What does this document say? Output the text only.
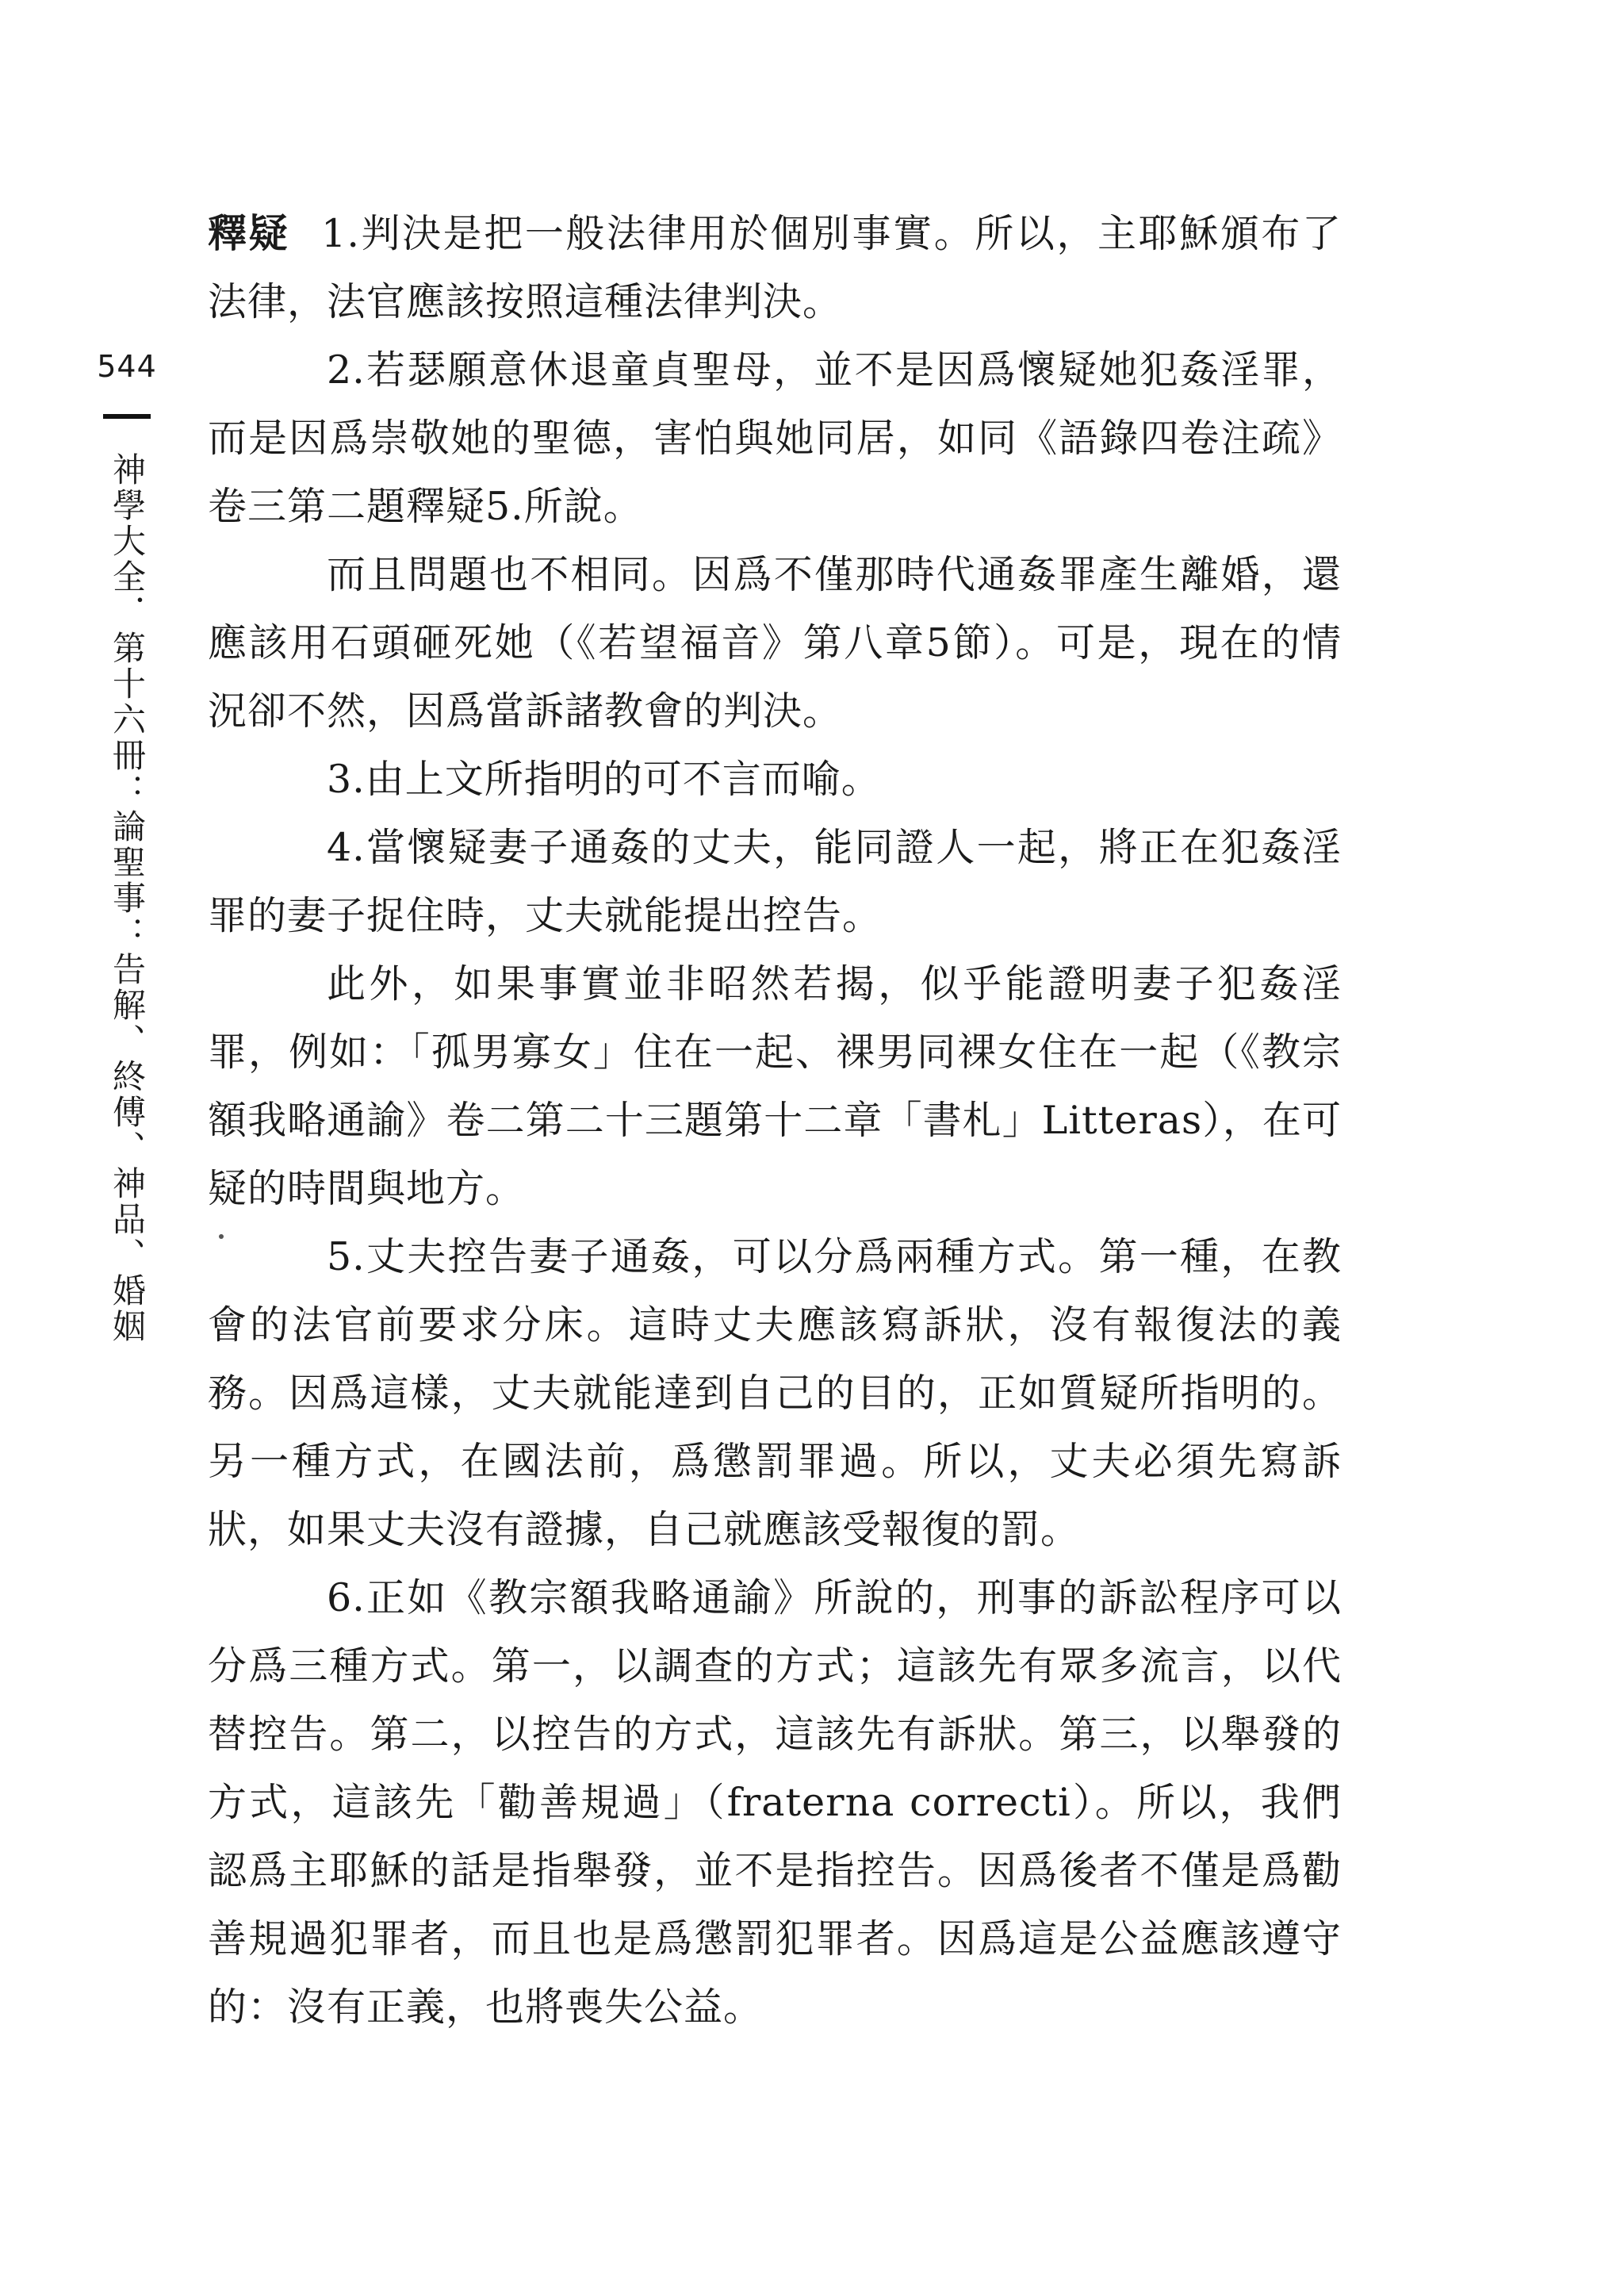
544
神學大全．第十六冊：論聖事：告解、終傅、神品、婚姻

釋疑 1.判決是把一般法律用於個別事實。所以，主耶穌頒布了法律，法官應該按照這種法律判決。

2.若瑟願意休退童貞聖母，並不是因爲懷疑她犯姦淫罪，而是因爲崇敬她的聖德，害怕與她同居，如同《語錄四卷注疏》卷三第二題釋疑5.所說。

而且問題也不相同。因爲不僅那時代通姦罪產生離婚，還應該用石頭砸死她（《若望福音》第八章5節）。可是，現在的情況卻不然，因爲當訴諸教會的判決。

3.由上文所指明的可不言而喻。

4.當懷疑妻子通姦的丈夫，能同證人一起，將正在犯姦淫罪的妻子捉住時，丈夫就能提出控告。

此外，如果事實並非昭然若揭，似乎能證明妻子犯姦淫罪，例如：「孤男寡女」住在一起、裸男同裸女住在一起（《教宗額我略通諭》卷二第二十三題第十二章「書札」Litteras），在可疑的時間與地方。

5.丈夫控告妻子通姦，可以分爲兩種方式。第一種，在教會的法官前要求分床。這時丈夫應該寫訴狀，沒有報復法的義務。因爲這樣，丈夫就能達到自己的目的，正如質疑所指明的。另一種方式，在國法前，爲懲罰罪過。所以，丈夫必須先寫訴狀，如果丈夫沒有證據，自己就應該受報復的罰。

6.正如《教宗額我略通諭》所說的，刑事的訴訟程序可以分爲三種方式。第一，以調查的方式；這該先有眾多流言，以代替控告。第二，以控告的方式，這該先有訴狀。第三，以舉發的方式，這該先「勸善規過」（fraterna correcti）。所以，我們認爲主耶穌的話是指舉發，並不是指控告。因爲後者不僅是爲勸善規過犯罪者，而且也是爲懲罰犯罪者。因爲這是公益應該遵守的：沒有正義，也將喪失公益。
